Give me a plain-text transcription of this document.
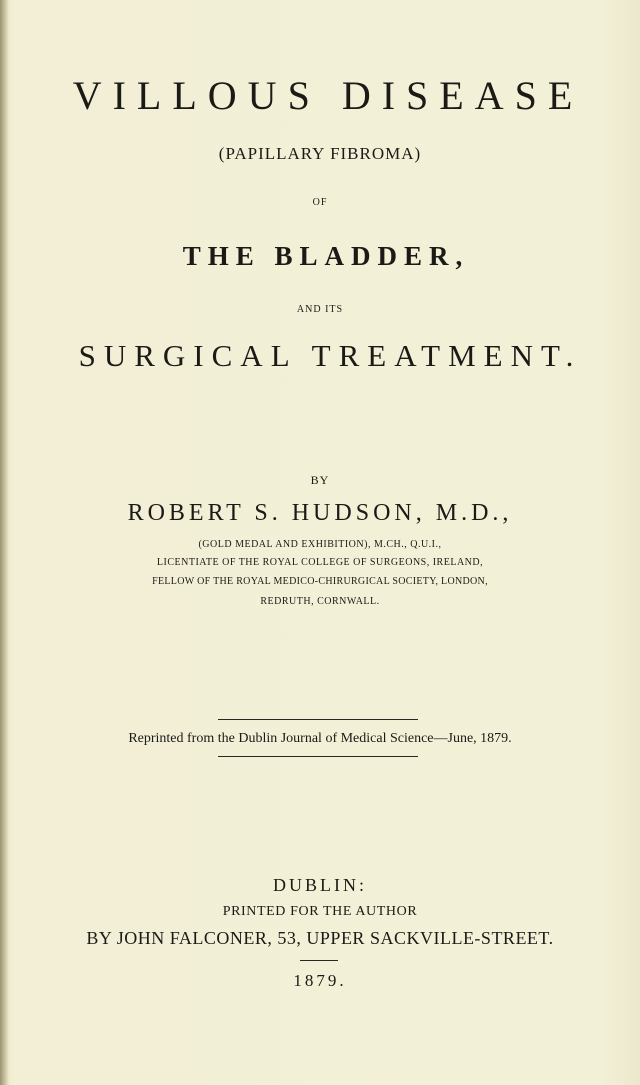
VILLOUS DISEASE

(PAPILLARY FIBROMA)

OF

THE BLADDER,

AND ITS

SURGICAL TREATMENT.

BY

ROBERT S. HUDSON, M.D.,

(GOLD MEDAL AND EXHIBITION), M.CH., Q.U.I.,

LICENTIATE OF THE ROYAL COLLEGE OF SURGEONS, IRELAND,

FELLOW OF THE ROYAL MEDICO-CHIRURGICAL SOCIETY, LONDON,

REDRUTH, CORNWALL.

Reprinted from the Dublin Journal of Medical Science—June, 1879.

DUBLIN:

PRINTED FOR THE AUTHOR

BY JOHN FALCONER, 53, UPPER SACKVILLE-STREET.

1879.
